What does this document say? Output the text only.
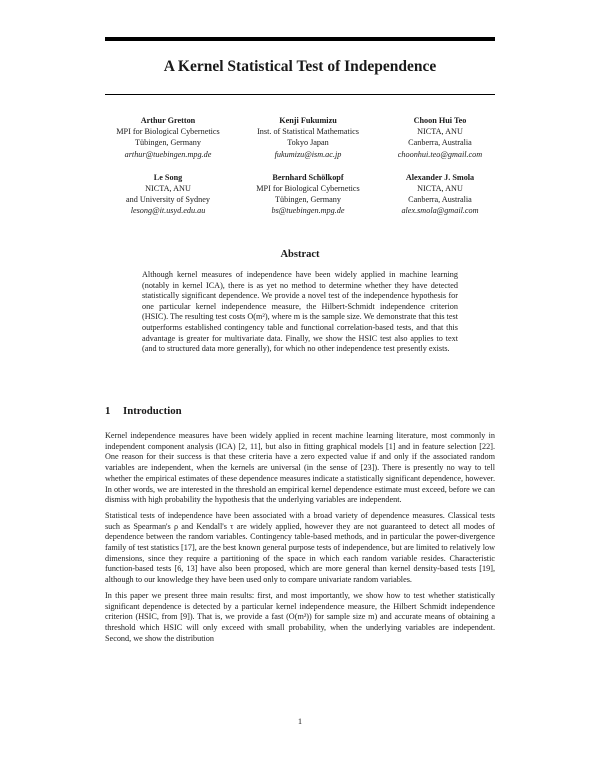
A Kernel Statistical Test of Independence
Arthur Gretton
MPI for Biological Cybernetics
Tübingen, Germany
arthur@tuebingen.mpg.de
Kenji Fukumizu
Inst. of Statistical Mathematics
Tokyo Japan
fukumizu@ism.ac.jp
Choon Hui Teo
NICTA, ANU
Canberra, Australia
choonhui.teo@gmail.com
Le Song
NICTA, ANU
and University of Sydney
lesong@it.usyd.edu.au
Bernhard Schölkopf
MPI for Biological Cybernetics
Tübingen, Germany
bs@tuebingen.mpg.de
Alexander J. Smola
NICTA, ANU
Canberra, Australia
alex.smola@gmail.com
Abstract

Although kernel measures of independence have been widely applied in machine learning (notably in kernel ICA), there is as yet no method to determine whether they have detected statistically significant dependence. We provide a novel test of the independence hypothesis for one particular kernel independence measure, the Hilbert-Schmidt independence criterion (HSIC). The resulting test costs O(m²), where m is the sample size. We demonstrate that this test outperforms established contingency table and functional correlation-based tests, and that this advantage is greater for multivariate data. Finally, we show the HSIC test also applies to text (and to structured data more generally), for which no other independence test presently exists.

1 Introduction

Kernel independence measures have been widely applied in recent machine learning literature, most commonly in independent component analysis (ICA) [2, 11], but also in fitting graphical models [1] and in feature selection [22]. One reason for their success is that these criteria have a zero expected value if and only if the associated random variables are independent, when the kernels are universal (in the sense of [23]). There is presently no way to tell whether the empirical estimates of these dependence measures indicate a statistically significant dependence, however. In other words, we are interested in the threshold an empirical kernel dependence estimate must exceed, before we can dismiss with high probability the hypothesis that the underlying variables are independent.

Statistical tests of independence have been associated with a broad variety of dependence measures. Classical tests such as Spearman's ρ and Kendall's τ are widely applied, however they are not guaranteed to detect all modes of dependence between the random variables. Contingency table-based methods, and in particular the power-divergence family of test statistics [17], are the best known general purpose tests of independence, but are limited to relatively low dimensions, since they require a partitioning of the space in which each random variable resides. Characteristic function-based tests [6, 13] have also been proposed, which are more general than kernel density-based tests [19], although to our knowledge they have been used only to compare univariate random variables.

In this paper we present three main results: first, and most importantly, we show how to test whether statistically significant dependence is detected by a particular kernel independence measure, the Hilbert Schmidt independence criterion (HSIC, from [9]). That is, we provide a fast (O(m²)) for sample size m) and accurate means of obtaining a threshold which HSIC will only exceed with small probability, when the underlying variables are independent. Second, we show the distribution

1
